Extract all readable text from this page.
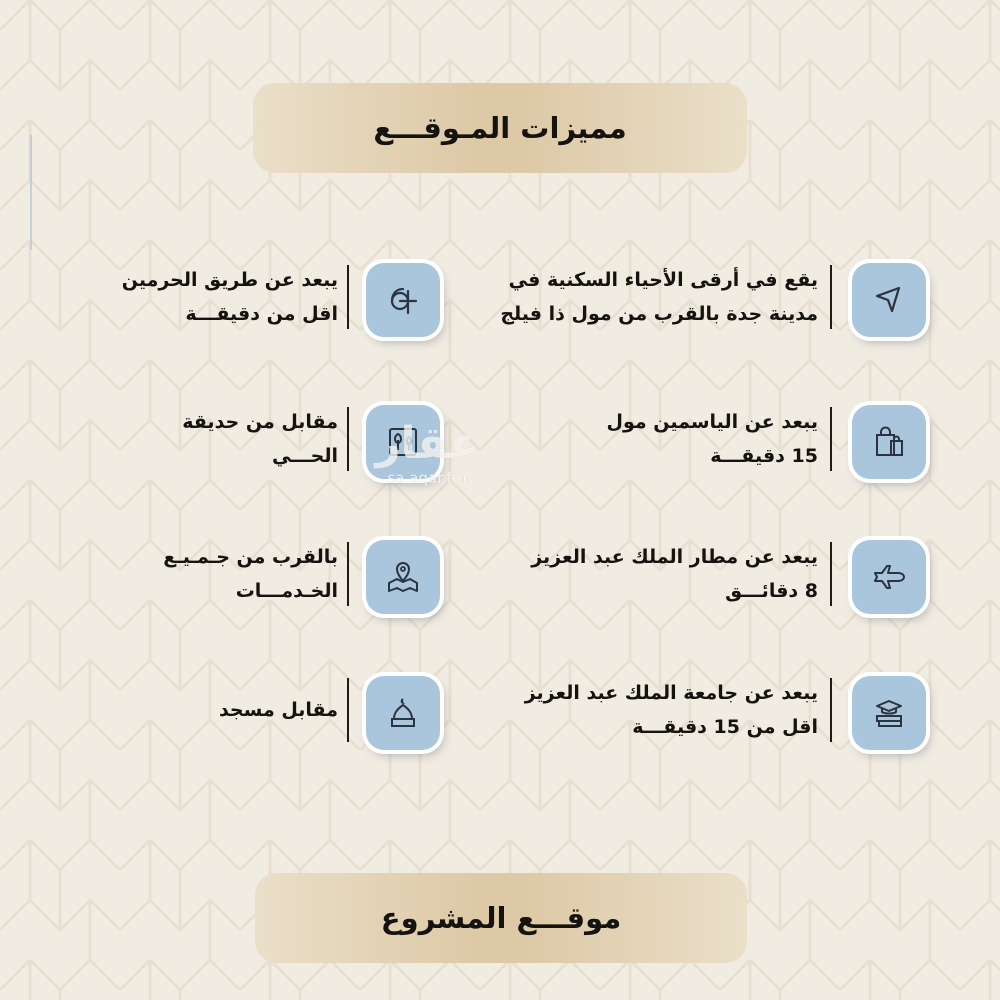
مميزات المـوقـــع
يقع في أرقى الأحياء السكنية في
مدينة جدة بالقرب من مول ذا فيلج
يبعد عن الياسمين مول
15 دقيقـــة
يبعد عن مطار الملك عبد العزيز
8 دقائـــق
يبعد عن جامعة الملك عبد العزيز
اقل من 15 دقيقـــة
يبعد عن طريق الحرمين
اقل من دقيقـــة
مقابل من حديقة
الحـــي
بالقرب من جـمـيـع
الخـدمـــات
مقابل مسجد
عقار
sa.aqar.fm
موقـــع المشروع
